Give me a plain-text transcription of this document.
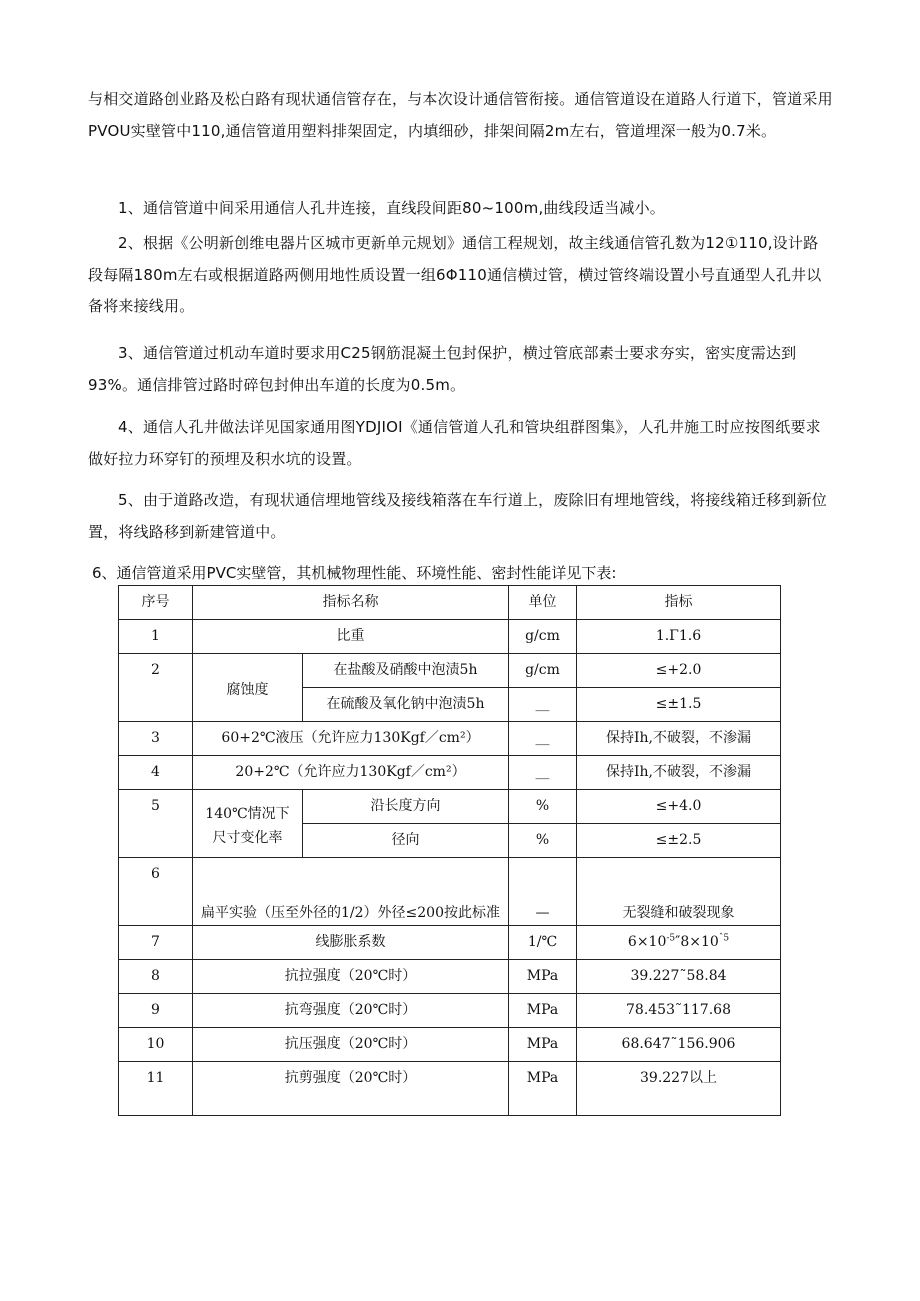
与相交道路创业路及松白路有现状通信管存在，与本次设计通信管衔接。通信管道设在道路人行道下，管道采用PVOU实壁管中110,通信管道用塑料排架固定，内填细砂，排架间隔2m左右，管道埋深一般为0.7米。

1、通信管道中间采用通信人孔井连接，直线段间距80~100m,曲线段适当减小。

2、根据《公明新创维电器片区城市更新单元规划》通信工程规划，故主线通信管孔数为12①110,设计路段每隔180m左右或根据道路两侧用地性质设置一组6Φ110通信横过管，横过管终端设置小号直通型人孔井以备将来接线用。

3、通信管道过机动车道时要求用C25钢筋混凝土包封保护，横过管底部素士要求夯实，密实度需达到93%。通信排管过路时碎包封伸出车道的长度为0.5m。

4、通信人孔井做法详见国家通用图YDJIOI《通信管道人孔和管块组群图集》，人孔井施工时应按图纸要求做好拉力环穿钉的预埋及积水坑的设置。

5、由于道路改造，有现状通信埋地管线及接线箱落在车行道上，废除旧有埋地管线，将接线箱迁移到新位置，将线路移到新建管道中。

6、通信管道采用PVC实壁管，其机械物理性能、环境性能、密封性能详见下表:
序号	指标名称		单位	指标
1	比重		g/cm	1.Γ1.6
2	腐蚀度	在盐酸及硝酸中泡渍5h	g/cm	≤+2.0
		在硫酸及氧化钠中泡渍5h	__	≤±1.5
3	60+2℃液压（允许应力130Kgf／cm²）		__	保持Ih,不破裂，不渗漏
4	20+2℃（允许应力130Kgf／cm²）		__	保持Ih,不破裂，不渗漏
5	140℃情况下尺寸变化率	沿长度方向	%	≤+4.0
		径向	%	≤±2.5
6	扁平实验（压至外径的1/2）外径≤200按此标准		—	无裂缝和破裂现象
7	线膨胀系数		1/℃	$6\times 10^{-5}''8\times 10^{ˆ5}$
8	抗拉强度（20℃时）		MPa	39.227˜58.84
9	抗弯强度（20℃时）		MPa	78.453˜117.68
10	抗压强度（20℃时）		MPa	68.647˜156.906
11	抗剪强度（20℃时）		MPa	39.227以上
